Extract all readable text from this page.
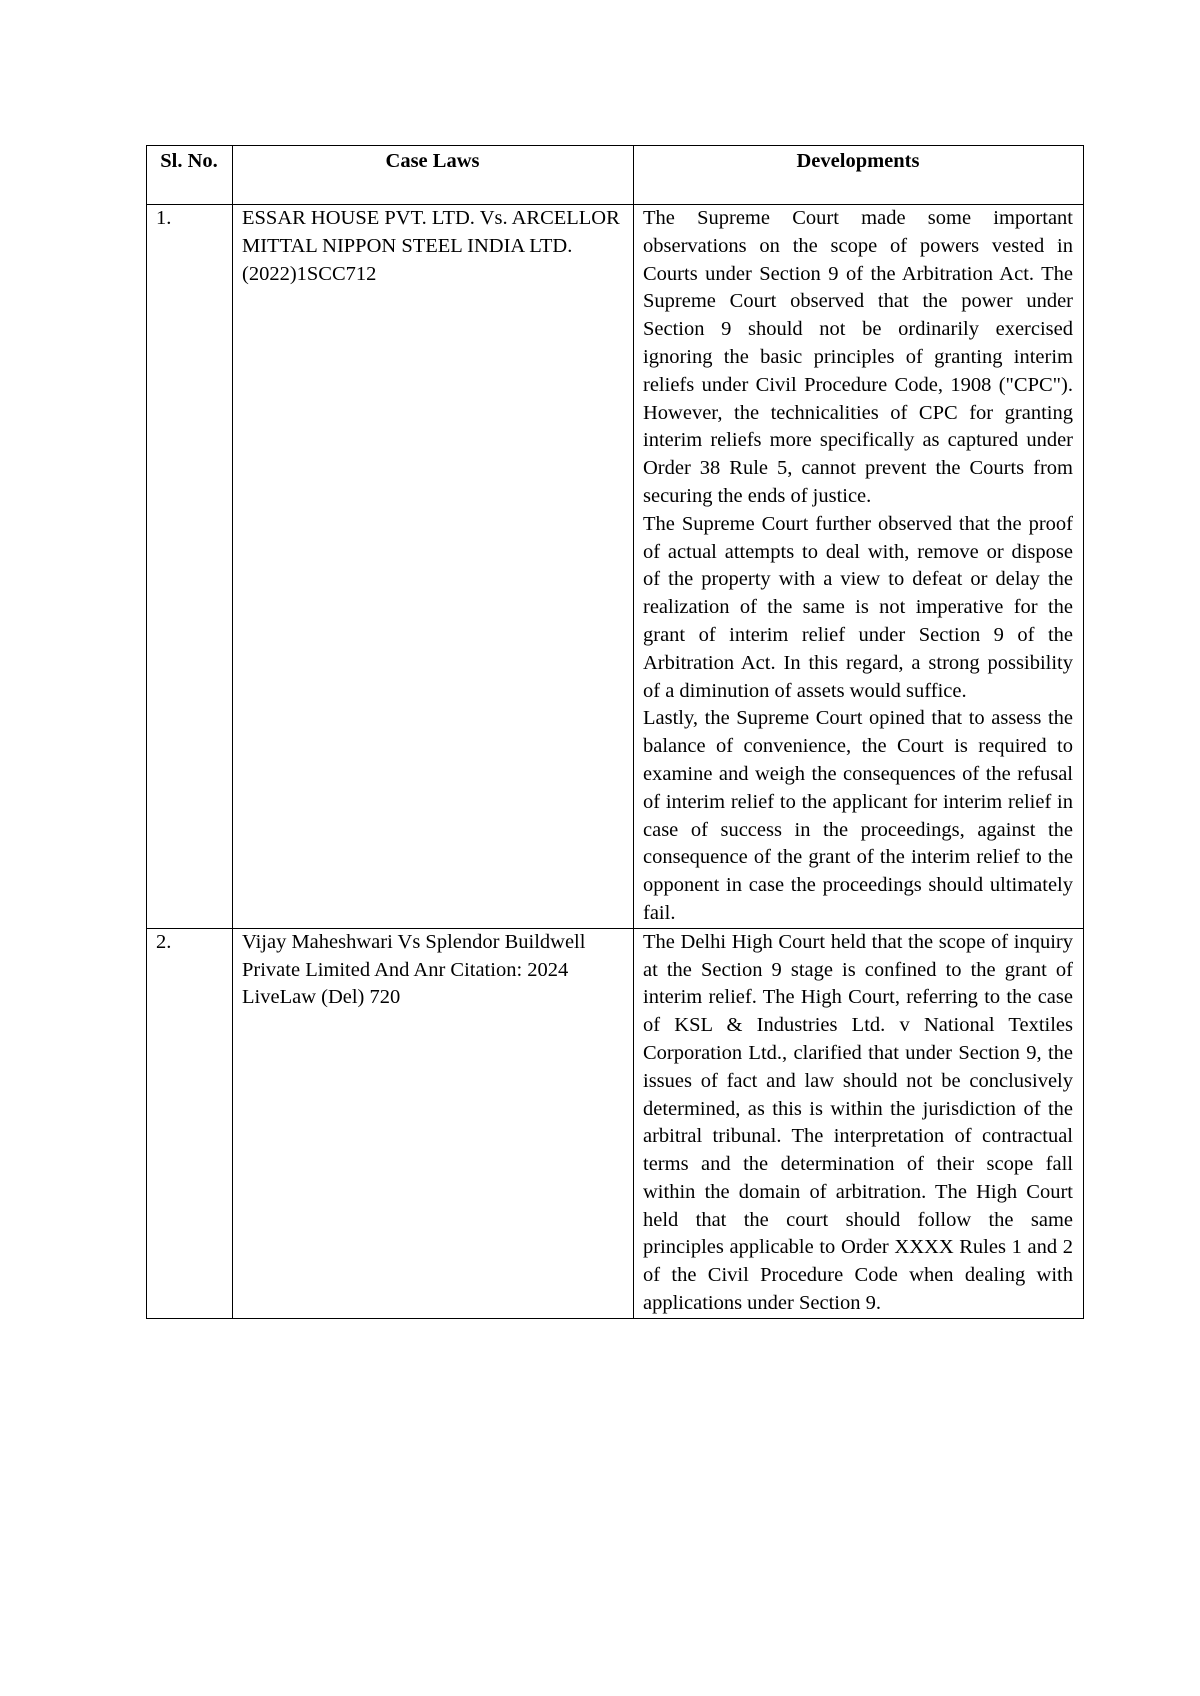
Sl. No.	Case Laws	Developments
1.	ESSAR HOUSE PVT. LTD. Vs. ARCELLOR MITTAL NIPPON STEEL INDIA LTD. (2022)1SCC712	The Supreme Court made some important observations on the scope of powers vested in Courts under Section 9 of the Arbitration Act. The Supreme Court observed that the power under Section 9 should not be ordinarily exercised ignoring the basic principles of granting interim reliefs under Civil Procedure Code, 1908 ("CPC"). However, the technicalities of CPC for granting interim reliefs more specifically as captured under Order 38 Rule 5, cannot prevent the Courts from securing the ends of justice.

The Supreme Court further observed that the proof of actual attempts to deal with, remove or dispose of the property with a view to defeat or delay the realization of the same is not imperative for the grant of interim relief under Section 9 of the Arbitration Act. In this regard, a strong possibility of a diminution of assets would suffice.

Lastly, the Supreme Court opined that to assess the balance of convenience, the Court is required to examine and weigh the consequences of the refusal of interim relief to the applicant for interim relief in case of success in the proceedings, against the consequence of the grant of the interim relief to the opponent in case the proceedings should ultimately fail.

2.	Vijay Maheshwari Vs Splendor Buildwell Private Limited And Anr Citation: 2024 LiveLaw (Del) 720	The Delhi High Court held that the scope of inquiry at the Section 9 stage is confined to the grant of interim relief. The High Court, referring to the case of KSL & Industries Ltd. v National Textiles Corporation Ltd., clarified that under Section 9, the issues of fact and law should not be conclusively determined, as this is within the jurisdiction of the arbitral tribunal. The interpretation of contractual terms and the determination of their scope fall within the domain of arbitration. The High Court held that the court should follow the same principles applicable to Order XXXX Rules 1 and 2 of the Civil Procedure Code when dealing with applications under Section 9.
